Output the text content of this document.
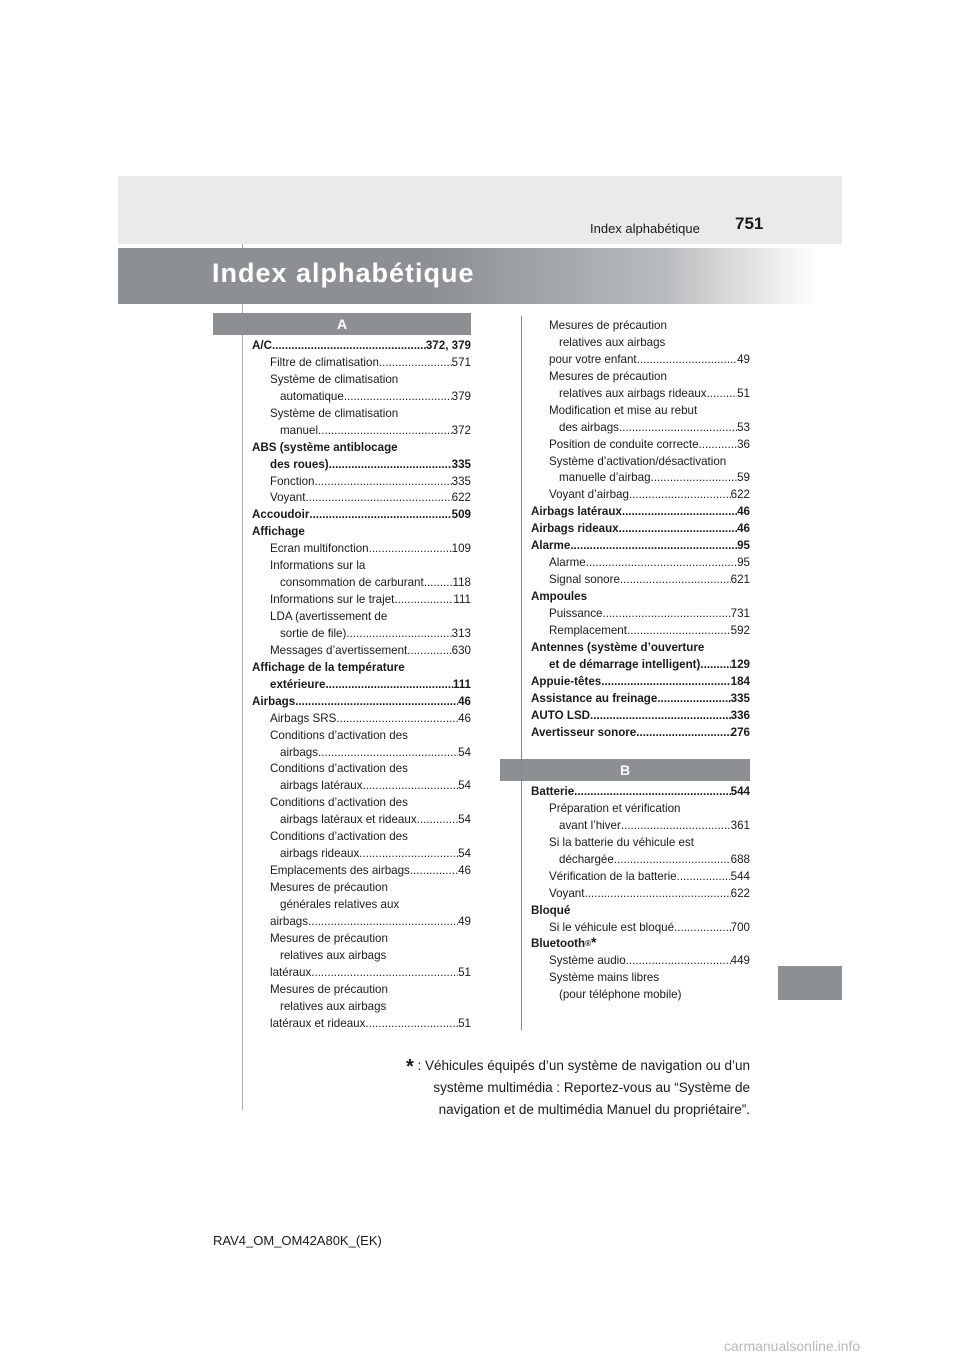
751
Index alphabétique
Index alphabétique
A
B
A/C .....	372, 379
Filtre de climatisation .....	571
Système de climatisation
automatique .....	379
Système de climatisation
manuel .....	372
ABS (système antiblocage
des roues) .....	335
Fonction .....	335
Voyant .....	622
Accoudoir .....	509
Affichage
Ecran multifonction .....	109
Informations sur la
consommation de carburant ..... 118
Informations sur le trajet .....	111
LDA (avertissement de
sortie de file) .....	313
Messages d’avertissement .....	630
Affichage de la température
extérieure .....	111
Airbags .....	46
Airbags SRS .....	46
Conditions d’activation des
airbags .....	54
Conditions d’activation des
airbags latéraux .....	54
Conditions d’activation des
airbags latéraux et rideaux .....	54
Conditions d’activation des
airbags rideaux .....	54
Emplacements des airbags .....	46
Mesures de précaution
générales relatives aux
airbags .....	49
Mesures de précaution
relatives aux airbags
latéraux .....	51
Mesures de précaution
relatives aux airbags
latéraux et rideaux .....	51
Mesures de précaution
relatives aux airbags
pour votre enfant .....	49
Mesures de précaution
relatives aux airbags rideaux .....	51
Modification et mise au rebut
des airbags .....	53
Position de conduite correcte .....	36
Système d’activation/désactivation
manuelle d’airbag .....	59
Voyant d’airbag .....	622
Airbags latéraux .....	46
Airbags rideaux .....	46
Alarme .....	95
Alarme .....	95
Signal sonore .....	621
Ampoules
Puissance .....	731
Remplacement .....	592
Antennes (système d’ouverture
et de démarrage intelligent) .....	129
Appuie-têtes .....	184
Assistance au freinage .....	335
AUTO LSD .....	336
Avertisseur sonore .....	276
Batterie .....	544
Préparation et vérification
avant l’hiver .....	361
Si la batterie du véhicule est
déchargée .....	688
Vérification de la batterie .....	544
Voyant .....	622
Bloqué
Si le véhicule est bloqué .....	700
Bluetooth ®*
Système audio .....	449
Système mains libres
(pour téléphone mobile)
* : Véhicules équipés d’un système de navigation ou d’un
système multimédia : Reportez-vous au “Système de
navigation et de multimédia Manuel du propriétaire”.
RAV4_OM_OM42A80K_(EK)
carmanualsonline.info
